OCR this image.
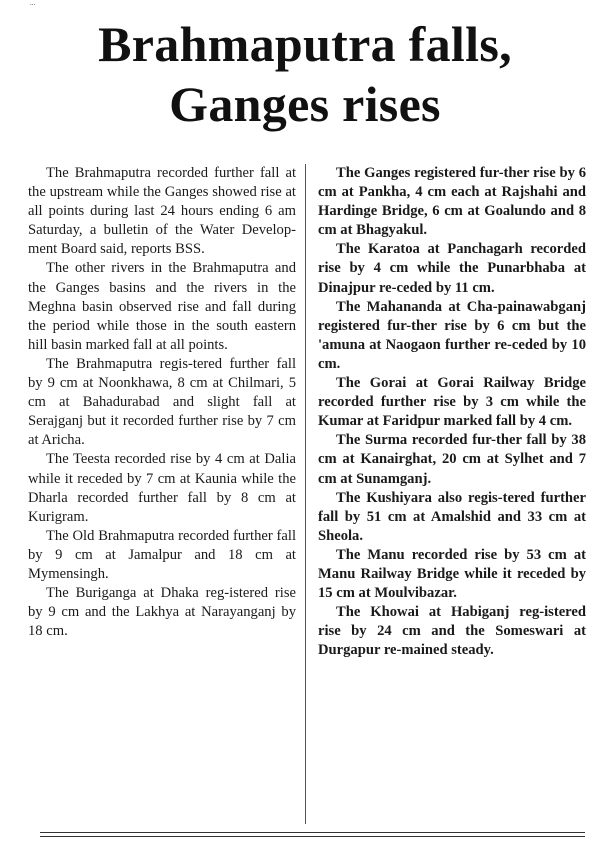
...
Brahmaputra falls,
Ganges rises

The Brahmaputra recorded further fall at the upstream while the Ganges showed rise at all points during last 24 hours ending 6 am Saturday, a bulletin of the Water Develop-ment Board said, reports BSS.

The other rivers in the Brahmaputra and the Ganges basins and the rivers in the Meghna basin observed rise and fall during the period while those in the south eastern hill basin marked fall at all points.

The Brahmaputra regis-tered further fall by 9 cm at Noonkhawa, 8 cm at Chilmari, 5 cm at Bahadurabad and slight fall at Serajganj but it recorded further rise by 7 cm at Aricha.

The Teesta recorded rise by 4 cm at Dalia while it receded by 7 cm at Kaunia while the Dharla recorded further fall by 8 cm at Kurigram.

The Old Brahmaputra recorded further fall by 9 cm at Jamalpur and 18 cm at Mymensingh.

The Buriganga at Dhaka reg-istered rise by 9 cm and the Lakhya at Narayanganj by 18 cm.

The Ganges registered fur-ther rise by 6 cm at Pankha, 4 cm each at Rajshahi and Hardinge Bridge, 6 cm at Goalundo and 8 cm at Bhagyakul.

The Karatoa at Panchagarh recorded rise by 4 cm while the Punarbhaba at Dinajpur re-ceded by 11 cm.

The Mahananda at Cha-painawabganj registered fur-ther rise by 6 cm but the 'amuna at Naogaon further re-ceded by 10 cm.

The Gorai at Gorai Railway Bridge recorded further rise by 3 cm while the Kumar at Faridpur marked fall by 4 cm.

The Surma recorded fur-ther fall by 38 cm at Kanairghat, 20 cm at Sylhet and 7 cm at Sunamganj.

The Kushiyara also regis-tered further fall by 51 cm at Amalshid and 33 cm at Sheola.

The Manu recorded rise by 53 cm at Manu Railway Bridge while it receded by 15 cm at Moulvibazar.

The Khowai at Habiganj reg-istered rise by 24 cm and the Someswari at Durgapur re-mained steady.
